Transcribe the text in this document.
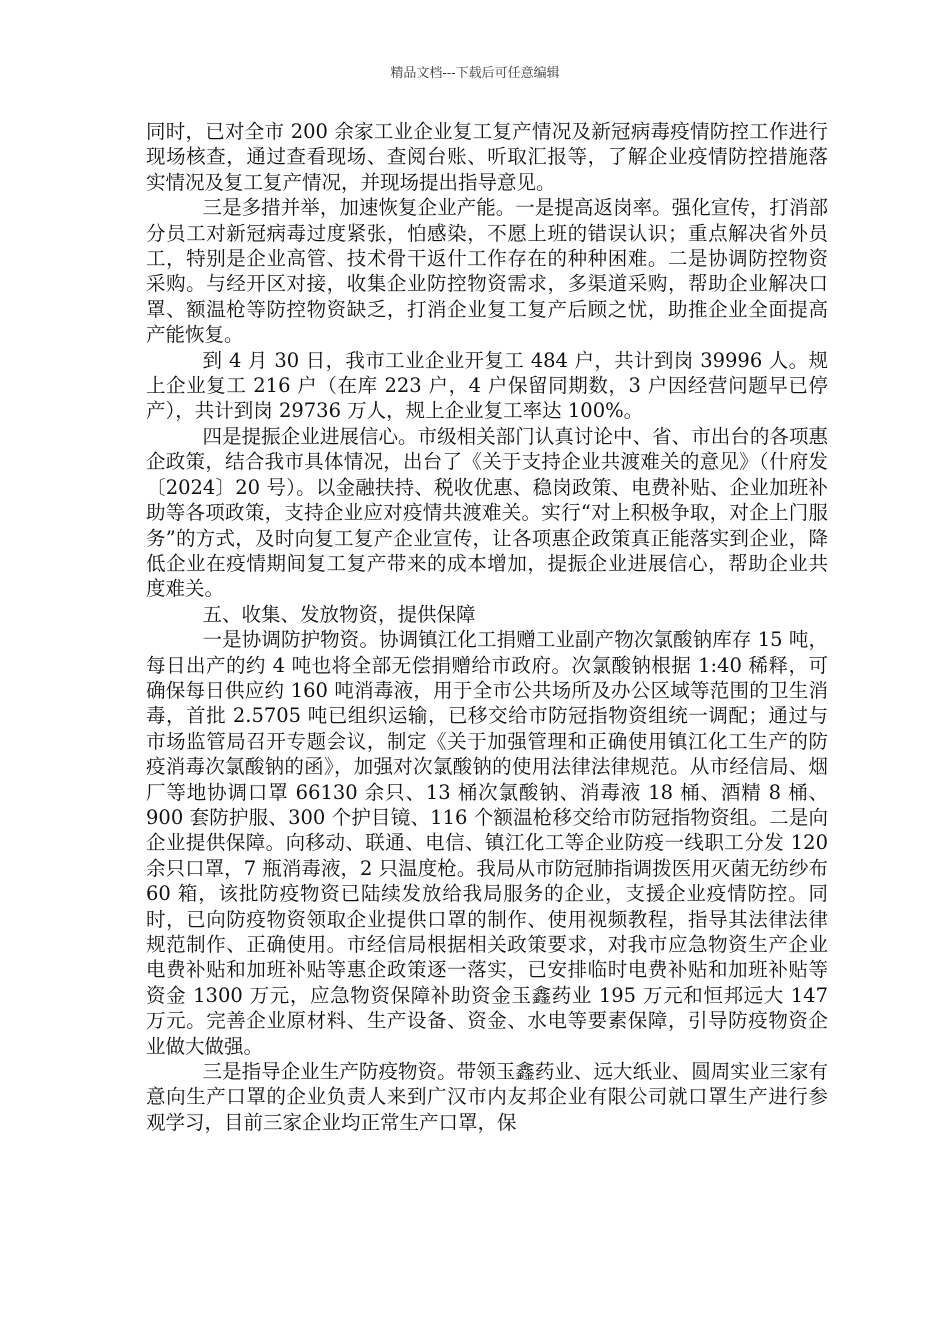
精品文档---下载后可任意编辑

同时，已对全市 200 余家工业企业复工复产情况及新冠病毒疫情防控工作进行现场核查，通过查看现场、查阅台账、听取汇报等，了解企业疫情防控措施落实情况及复工复产情况，并现场提出指导意见。

三是多措并举，加速恢复企业产能。一是提高返岗率。强化宣传，打消部分员工对新冠病毒过度紧张，怕感染，不愿上班的错误认识；重点解决省外员工，特别是企业高管、技术骨干返什工作存在的种种困难。二是协调防控物资采购。与经开区对接，收集企业防控物资需求，多渠道采购，帮助企业解决口罩、额温枪等防控物资缺乏，打消企业复工复产后顾之忧，助推企业全面提高产能恢复。

到 4 月 30 日，我市工业企业开复工 484 户，共计到岗 39996 人。规上企业复工 216 户（在库 223 户，4 户保留同期数，3 户因经营问题早已停产），共计到岗 29736 万人，规上企业复工率达 100%。

四是提振企业进展信心。市级相关部门认真讨论中、省、市出台的各项惠企政策，结合我市具体情况，出台了《关于支持企业共渡难关的意见》（什府发〔2024〕20 号）。以金融扶持、税收优惠、稳岗政策、电费补贴、企业加班补助等各项政策，支持企业应对疫情共渡难关。实行“对上积极争取，对企上门服务”的方式，及时向复工复产企业宣传，让各项惠企政策真正能落实到企业，降低企业在疫情期间复工复产带来的成本增加，提振企业进展信心，帮助企业共度难关。

五、收集、发放物资，提供保障

一是协调防护物资。协调镇江化工捐赠工业副产物次氯酸钠库存 15 吨，每日出产的约 4 吨也将全部无偿捐赠给市政府。次氯酸钠根据 1:40 稀释，可确保每日供应约 160 吨消毒液，用于全市公共场所及办公区域等范围的卫生消毒，首批 2.5705 吨已组织运输，已移交给市防冠指物资组统一调配；通过与市场监管局召开专题会议，制定《关于加强管理和正确使用镇江化工生产的防疫消毒次氯酸钠的函》，加强对次氯酸钠的使用法律法律规范。从市经信局、烟厂等地协调口罩 66130 余只、13 桶次氯酸钠、消毒液 18 桶、酒精 8 桶、900 套防护服、300 个护目镜、116 个额温枪移交给市防冠指物资组。二是向企业提供保障。向移动、联通、电信、镇江化工等企业防疫一线职工分发 120 余只口罩，7 瓶消毒液，2 只温度枪。我局从市防冠肺指调拨医用灭菌无纺纱布 60 箱，该批防疫物资已陆续发放给我局服务的企业，支援企业疫情防控。同时，已向防疫物资领取企业提供口罩的制作、使用视频教程，指导其法律法律规范制作、正确使用。市经信局根据相关政策要求，对我市应急物资生产企业电费补贴和加班补贴等惠企政策逐一落实，已安排临时电费补贴和加班补贴等资金 1300 万元，应急物资保障补助资金玉鑫药业 195 万元和恒邦远大 147 万元。完善企业原材料、生产设备、资金、水电等要素保障，引导防疫物资企业做大做强。

三是指导企业生产防疫物资。带领玉鑫药业、远大纸业、圆周实业三家有意向生产口罩的企业负责人来到广汉市内友邦企业有限公司就口罩生产进行参观学习，目前三家企业均正常生产口罩，保
